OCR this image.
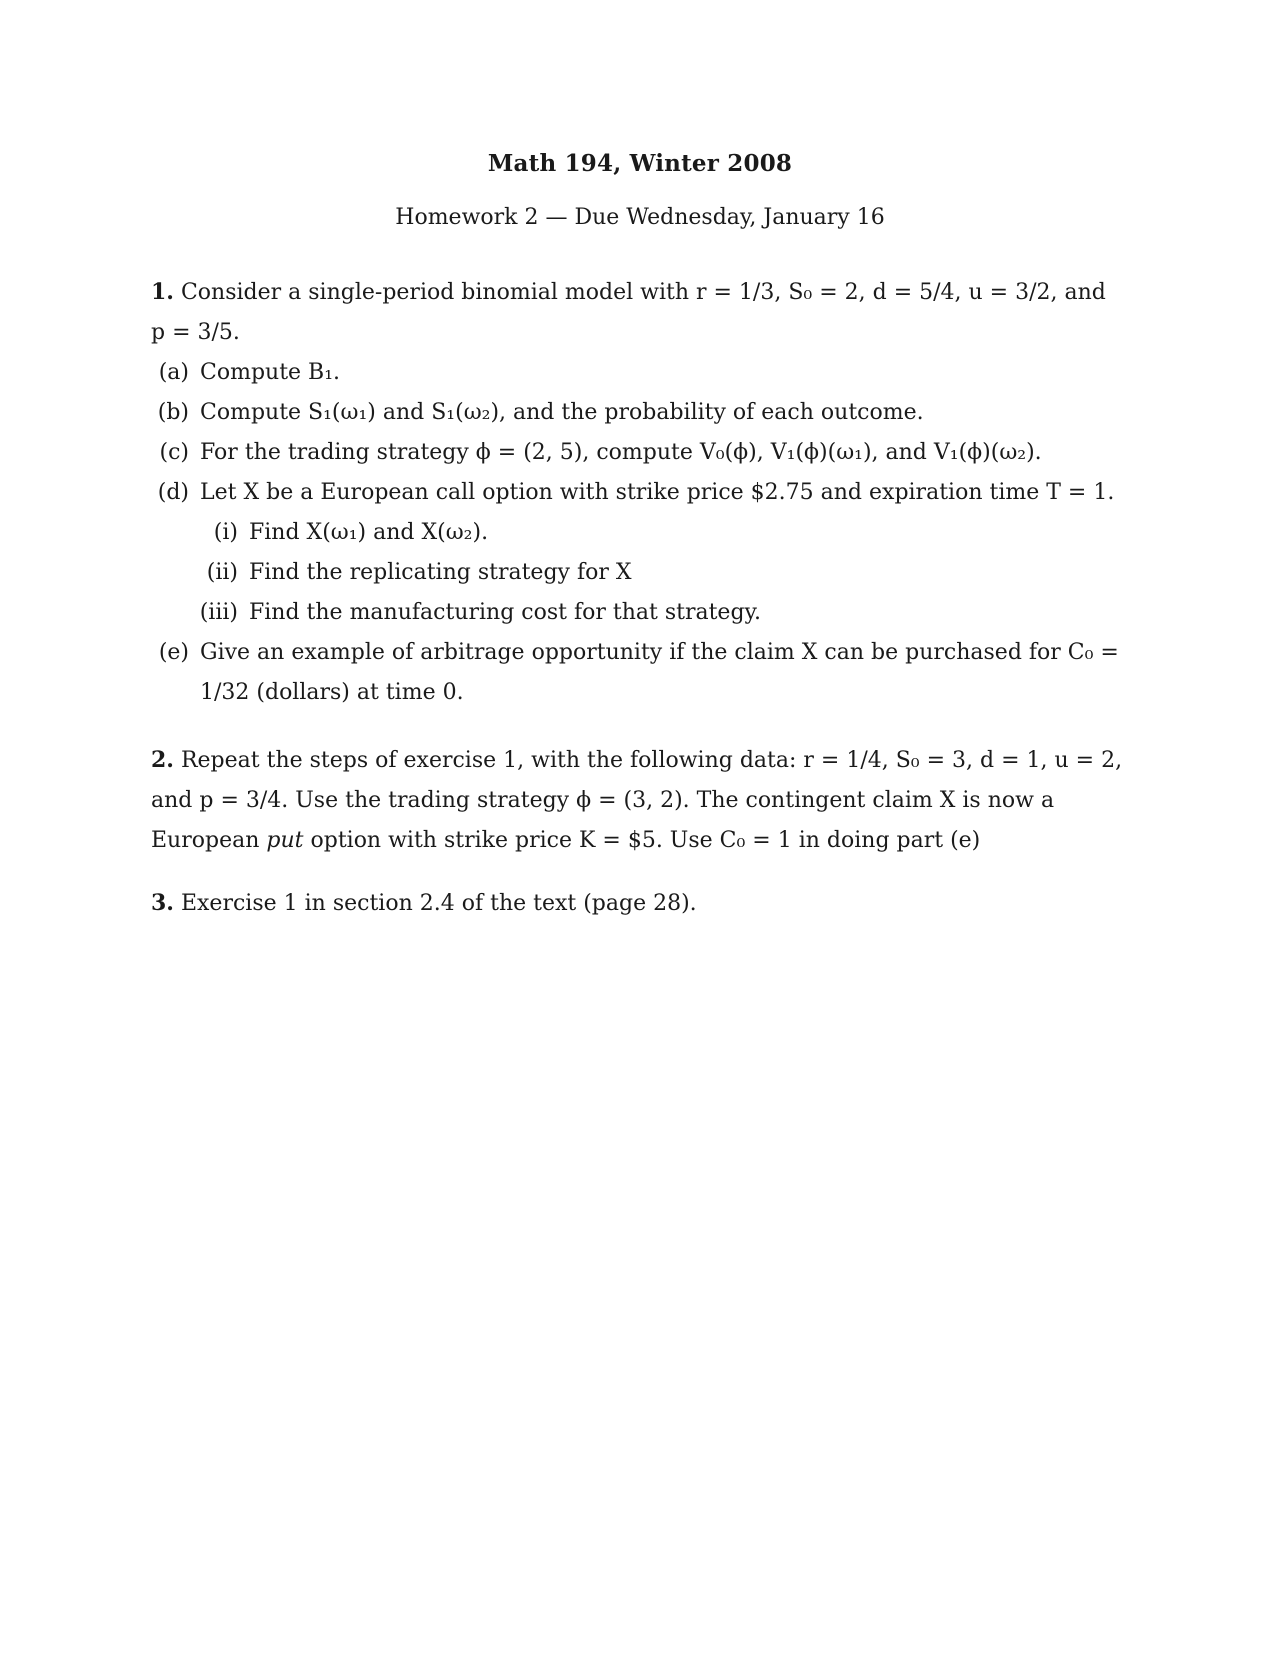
Math 194, Winter 2008
Homework 2 — Due Wednesday, January 16
1. Consider a single-period binomial model with r = 1/3, S₀ = 2, d = 5/4, u = 3/2, and
p = 3/5.
(a) Compute B₁.
(b) Compute S₁(ω₁) and S₁(ω₂), and the probability of each outcome.
(c) For the trading strategy ϕ = (2, 5), compute V₀(ϕ), V₁(ϕ)(ω₁), and V₁(ϕ)(ω₂).
(d) Let X be a European call option with strike price $2.75 and expiration time T = 1.
(i) Find X(ω₁) and X(ω₂).
(ii) Find the replicating strategy for X
(iii) Find the manufacturing cost for that strategy.
(e) Give an example of arbitrage opportunity if the claim X can be purchased for C₀ =
1/32 (dollars) at time 0.
2. Repeat the steps of exercise 1, with the following data: r = 1/4, S₀ = 3, d = 1, u = 2,
and p = 3/4. Use the trading strategy ϕ = (3, 2). The contingent claim X is now a
European put option with strike price K = $5. Use C₀ = 1 in doing part (e)
3. Exercise 1 in section 2.4 of the text (page 28).
